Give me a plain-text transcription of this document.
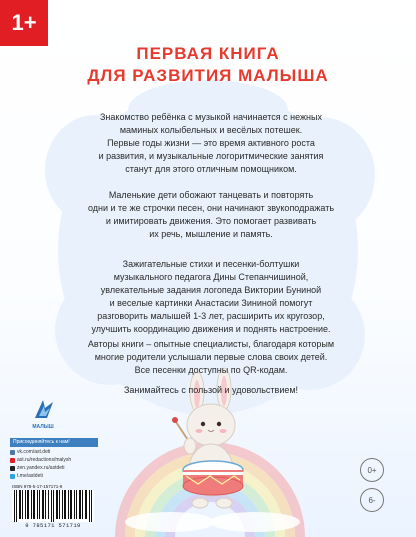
1+
ПЕРВАЯ КНИГА
ДЛЯ РАЗВИТИЯ МАЛЫША

Знакомство ребёнка с музыкой начинается с нежных

маминых колыбельных и весёлых потешек.

Первые годы жизни — это время активного роста

и развития, и музыкальные логоритмические занятия

станут для этого отличным помощником.

Маленькие дети обожают танцевать и повторять

одни и те же строчки песен, они начинают звукоподражать

и имитировать движения. Это помогает развивать

их речь, мышление и память.

Зажигательные стихи и песенки-болтушки

музыкального педагога Дины Степанчишиной,

увлекательные задания логопеда Виктории Буниной

и веселые картинки Анастасии Зининой помогут

разговорить малышей 1-3 лет, расширить их кругозор,

улучшить координацию движения и поднять настроение.

Авторы книги – опытные специалисты, благодаря которым

многие родители услышали первые слова своих детей.

Все песенки доступны по QR-кодам.

Занимайтесь с пользой и удовольствием!

МАЛЫШ
Присоединяйтесь к нам!
vk.com/ast.deti
ast.ru/redactions/malysh
zen.yandex.ru/astdeti
t.me/astdeti
ISBN 978-5-17-157171-9
9 785171 571719
0+
6-
